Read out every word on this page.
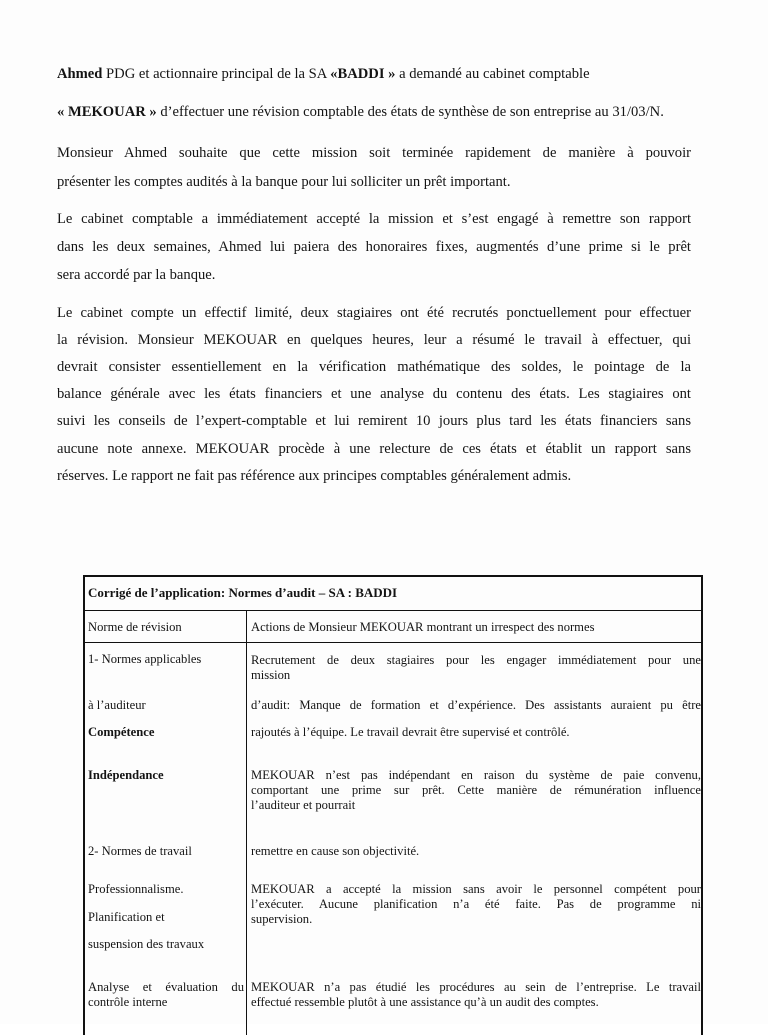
Ahmed PDG et actionnaire principal de la SA «BADDI » a demandé au cabinet comptable
« MEKOUAR » d’effectuer une révision comptable des états de synthèse de son entreprise au 31/03/N.
Monsieur Ahmed souhaite que cette mission soit terminée rapidement de manière à pouvoir
présenter les comptes audités à la banque pour lui solliciter un prêt important.
Le cabinet comptable a immédiatement accepté la mission et s’est engagé à remettre son rapport
dans les deux semaines, Ahmed lui paiera des honoraires fixes, augmentés d’une prime si le prêt
sera accordé par la banque.
Le cabinet compte un effectif limité, deux stagiaires ont été recrutés ponctuellement pour effectuer
la révision. Monsieur MEKOUAR en quelques heures, leur a résumé le travail à effectuer, qui
devrait consister essentiellement en la vérification mathématique des soldes, le pointage de la
balance générale avec les états financiers et une analyse du contenu des états. Les stagiaires ont
suivi les conseils de l’expert-comptable et lui remirent 10 jours plus tard les états financiers sans
aucune note annexe. MEKOUAR procède à une relecture de ces états et établit un rapport sans
réserves. Le rapport ne fait pas référence aux principes comptables généralement admis.
Corrigé de l’application: Normes d’audit – SA : BADDI
Norme de révision	Actions de Monsieur MEKOUAR montrant un irrespect des normes
1- Normes applicables
à l’auditeur
Compétence
Indépendance
2- Normes de travail
Professionnalisme.
Planification et
suspension des travaux
Analyse et évaluation du
contrôle interne
Recrutement de deux stagiaires pour les engager immédiatement pour une
mission
d’audit: Manque de formation et d’expérience. Des assistants auraient pu être
rajoutés à l’équipe. Le travail devrait être supervisé et contrôlé.
MEKOUAR n’est pas indépendant en raison du système de paie convenu,
comportant une prime sur prêt. Cette manière de rémunération influence
l’auditeur et pourrait
remettre en cause son objectivité.
MEKOUAR a accepté la mission sans avoir le personnel compétent pour
l’exécuter. Aucune planification n’a été faite. Pas de programme ni
supervision.
MEKOUAR n’a pas étudié les procédures au sein de l’entreprise. Le travail
effectué ressemble plutôt à une assistance qu’à un audit des comptes.
